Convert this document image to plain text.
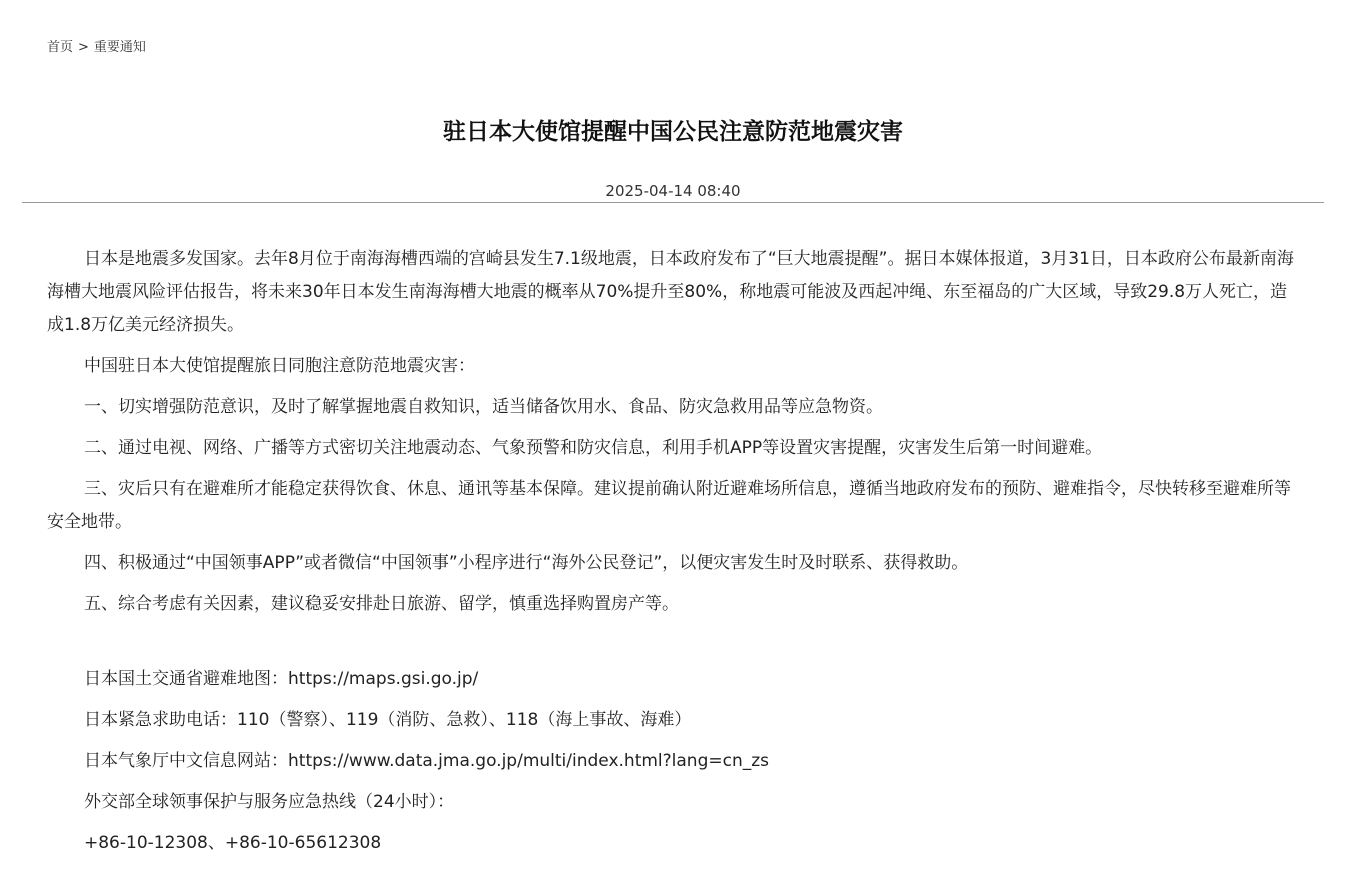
首页 > 重要通知
驻日本大使馆提醒中国公民注意防范地震灾害
2025-04-14 08:40

日本是地震多发国家。去年8月位于南海海槽西端的宫崎县发生7.1级地震，日本政府发布了“巨大地震提醒”。据日本媒体报道，3月31日，日本政府公布最新南海海槽大地震风险评估报告，将未来30年日本发生南海海槽大地震的概率从70%提升至80%，称地震可能波及西起冲绳、东至福岛的广大区域，导致29.8万人死亡，造成1.8万亿美元经济损失。

中国驻日本大使馆提醒旅日同胞注意防范地震灾害：

一、切实增强防范意识，及时了解掌握地震自救知识，适当储备饮用水、食品、防灾急救用品等应急物资。

二、通过电视、网络、广播等方式密切关注地震动态、气象预警和防灾信息，利用手机APP等设置灾害提醒，灾害发生后第一时间避难。

三、灾后只有在避难所才能稳定获得饮食、休息、通讯等基本保障。建议提前确认附近避难场所信息，遵循当地政府发布的预防、避难指令，尽快转移至避难所等安全地带。

四、积极通过“中国领事APP”或者微信“中国领事”小程序进行“海外公民登记”，以便灾害发生时及时联系、获得救助。

五、综合考虑有关因素，建议稳妥安排赴日旅游、留学，慎重选择购置房产等。

日本国土交通省避难地图：https://maps.gsi.go.jp/

日本紧急求助电话：110（警察）、119（消防、急救）、118（海上事故、海难）

日本气象厅中文信息网站：https://www.data.jma.go.jp/multi/index.html?lang=cn_zs

外交部全球领事保护与服务应急热线（24小时）：

+86-10-12308、+86-10-65612308
